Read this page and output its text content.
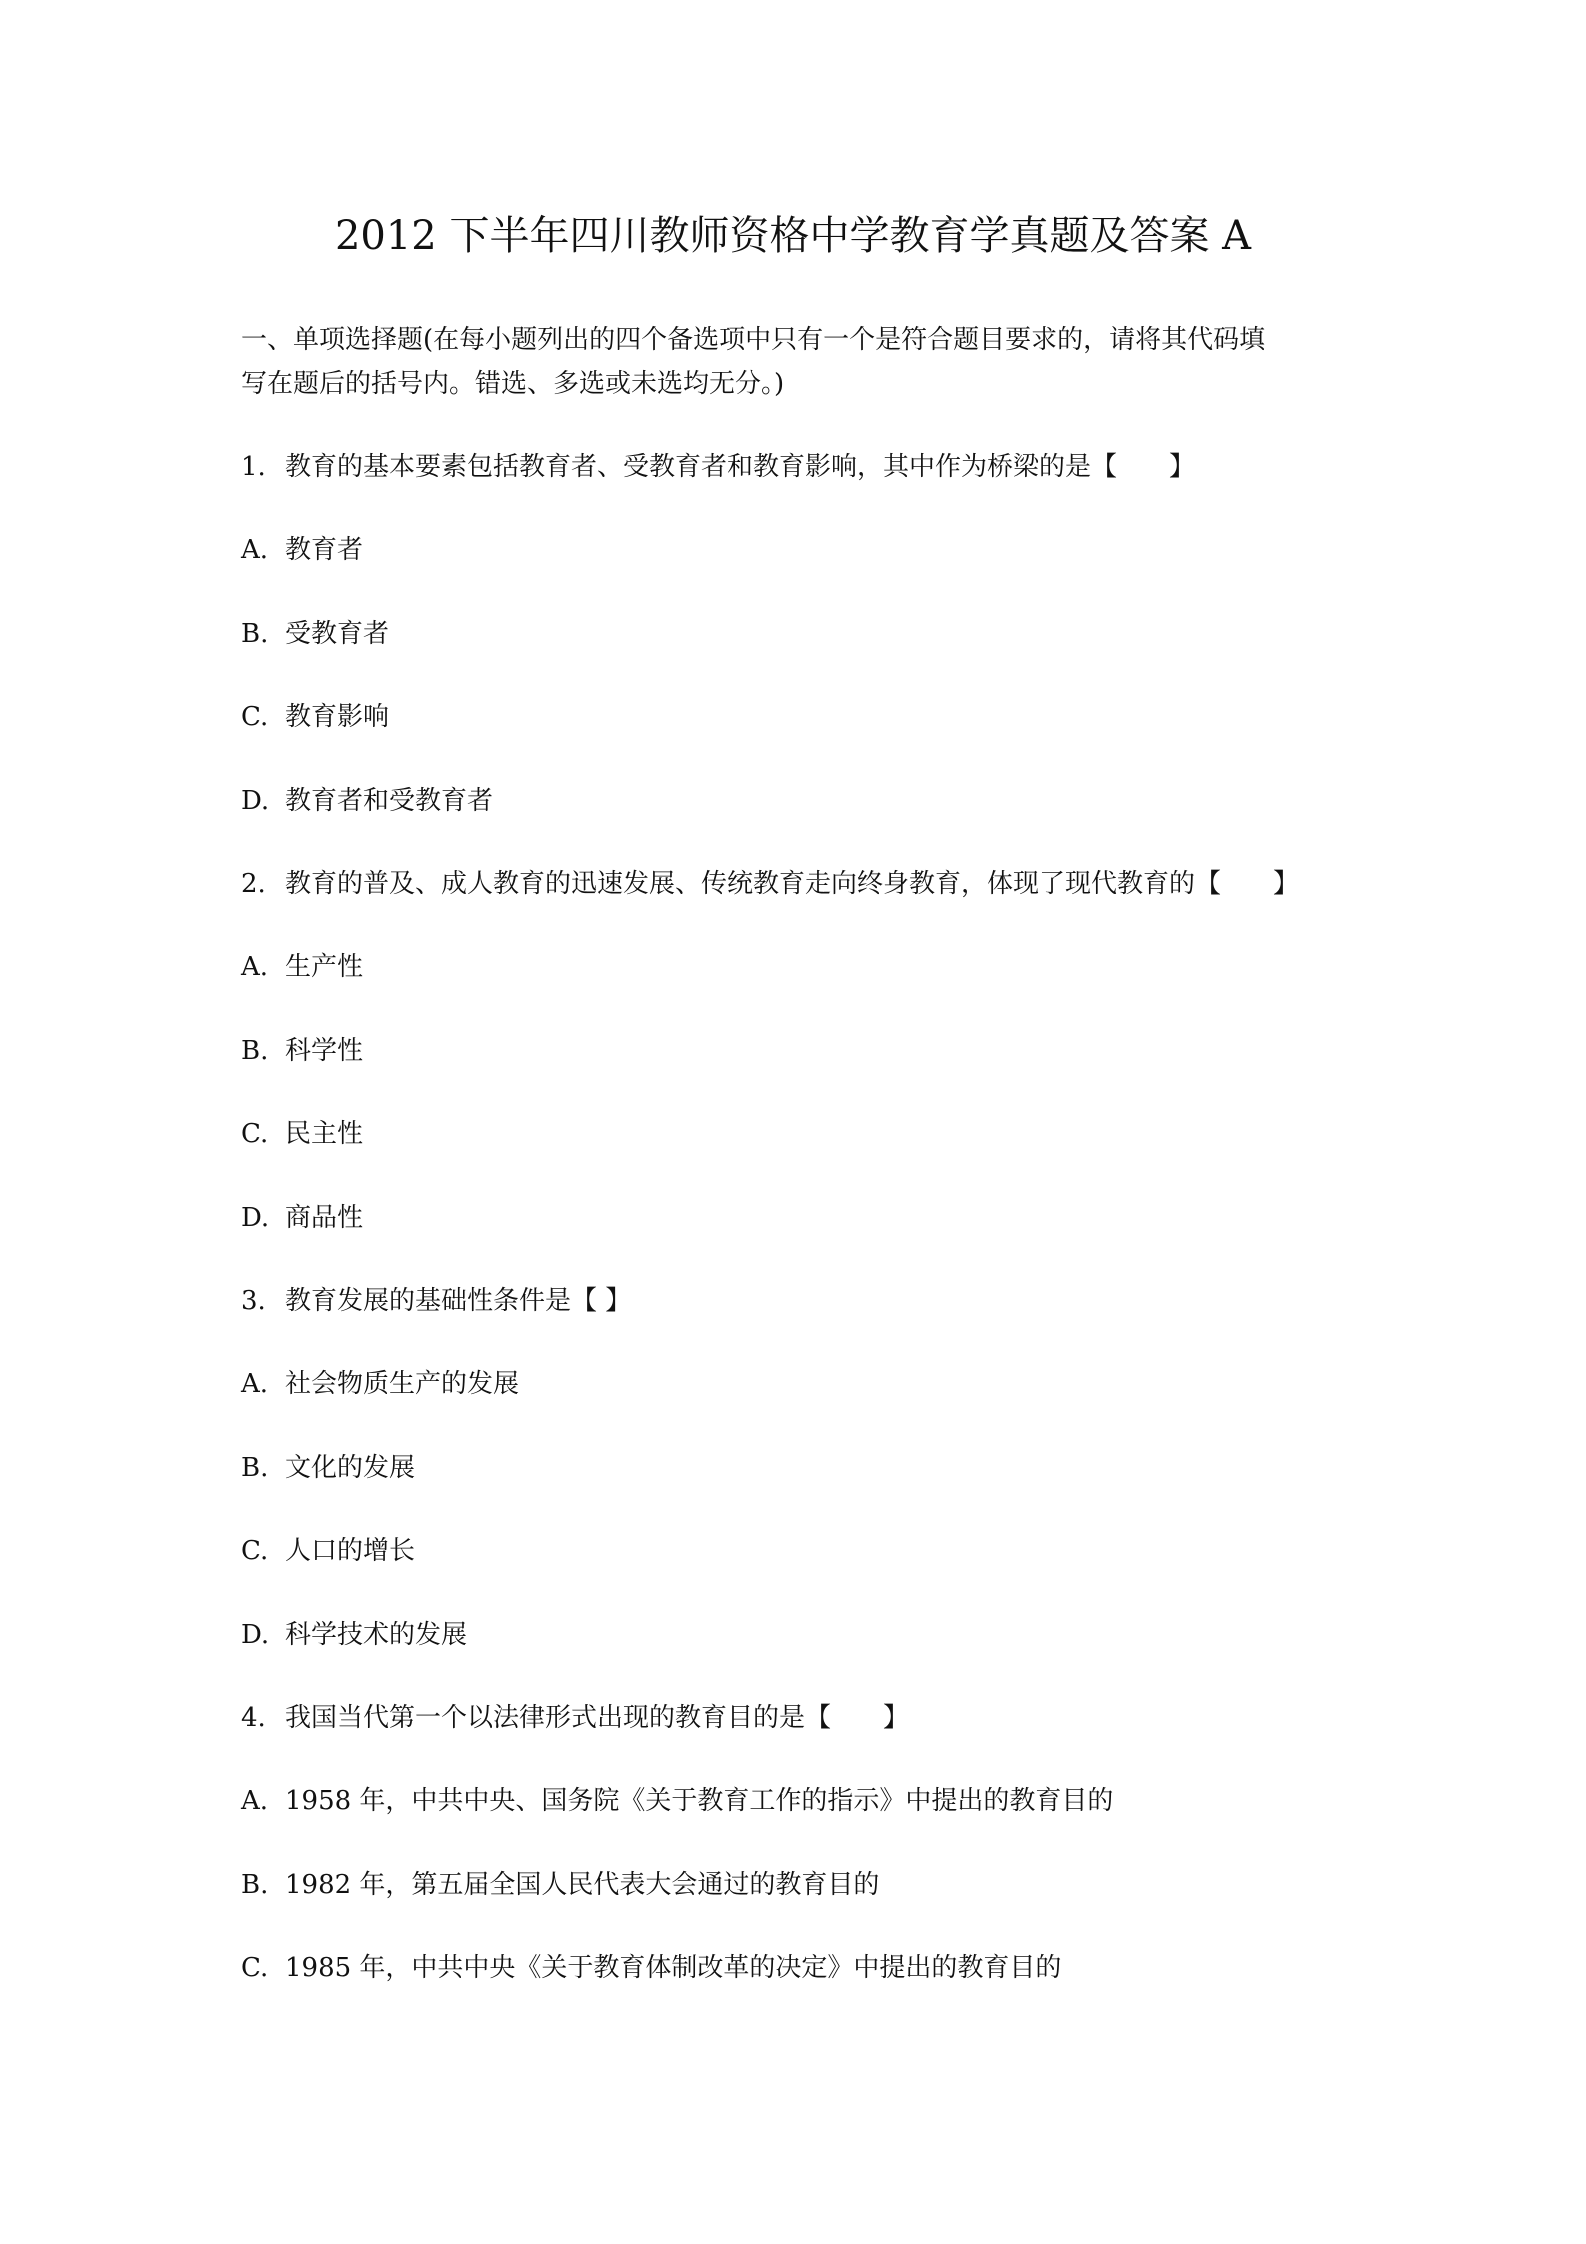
2012 下半年四川教师资格中学教育学真题及答案 A
一、单项选择题(在每小题列出的四个备选项中只有一个是符合题目要求的，请将其代码填
写在题后的括号内。错选、多选或未选均无分。)
1. 教育的基本要素包括教育者、受教育者和教育影响，其中作为桥梁的是【　　】
A. 教育者
B. 受教育者
C. 教育影响
D. 教育者和受教育者
2. 教育的普及、成人教育的迅速发展、传统教育走向终身教育，体现了现代教育的【　　】
A. 生产性
B. 科学性
C. 民主性
D. 商品性
3. 教育发展的基础性条件是【 】
A. 社会物质生产的发展
B. 文化的发展
C. 人口的增长
D. 科学技术的发展
4. 我国当代第一个以法律形式出现的教育目的是【　　】
A. 1958 年，中共中央、国务院《关于教育工作的指示》中提出的教育目的
B. 1982 年，第五届全国人民代表大会通过的教育目的
C. 1985 年，中共中央《关于教育体制改革的决定》中提出的教育目的
